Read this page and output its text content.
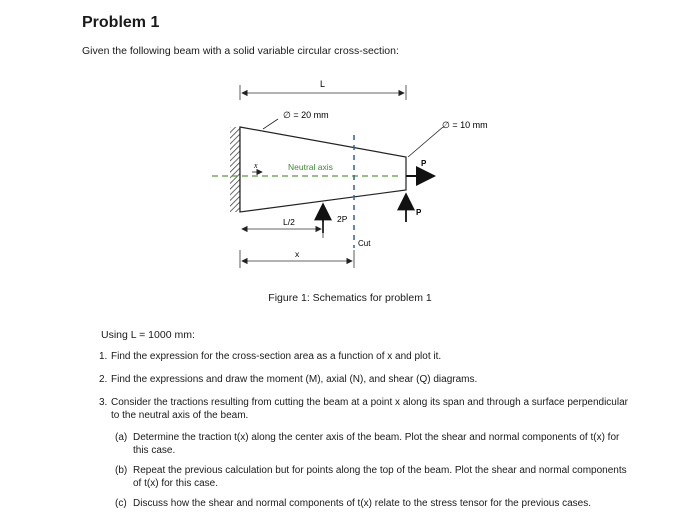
Problem 1
Given the following beam with a solid variable circular cross-section:
L
∅ = 20 mm
∅ = 10 mm
Neutral axis
x
Cut
P
P
2P
L/2
x
Figure 1: Schematics for problem 1
Using L = 1000 mm:
1. Find the expression for the cross-section area as a function of x and plot it.
2. Find the expressions and draw the moment (M), axial (N), and shear (Q) diagrams.
3. Consider the tractions resulting from cutting the beam at a point x along its span and through a surface perpendicular to the neutral axis of the beam.
(a) Determine the traction t(x) along the center axis of the beam. Plot the shear and normal components of t(x) for this case.
(b) Repeat the previous calculation but for points along the top of the beam. Plot the shear and normal components of t(x) for this case.
(c) Discuss how the shear and normal components of t(x) relate to the stress tensor for the previous cases.
